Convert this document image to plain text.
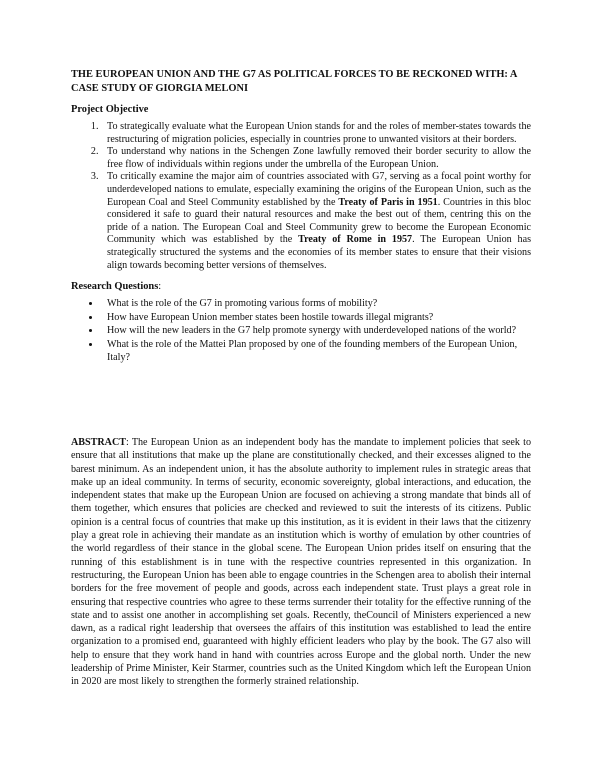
THE EUROPEAN UNION AND THE G7 AS POLITICAL FORCES TO BE RECKONED WITH: A CASE STUDY OF GIORGIA MELONI

Project Objective

1. To strategically evaluate what the European Union stands for and the roles of member-states towards the restructuring of migration policies, especially in countries prone to unwanted visitors at their borders.
2. To understand why nations in the Schengen Zone lawfully removed their border security to allow the free flow of individuals within regions under the umbrella of the European Union.
3. To critically examine the major aim of countries associated with G7, serving as a focal point worthy for underdeveloped nations to emulate, especially examining the origins of the European Union, such as the European Coal and Steel Community established by the Treaty of Paris in 1951. Countries in this bloc considered it safe to guard their natural resources and make the best out of them, centring this on the pride of a nation. The European Coal and Steel Community grew to become the European Economic Community which was established by the Treaty of Rome in 1957. The European Union has strategically structured the systems and the economies of its member states to ensure that their visions align towards becoming better versions of themselves.

Research Questions:

• What is the role of the G7 in promoting various forms of mobility?
• How have European Union member states been hostile towards illegal migrants?
• How will the new leaders in the G7 help promote synergy with underdeveloped nations of the world?
• What is the role of the Mattei Plan proposed by one of the founding members of the European Union, Italy?

ABSTRACT: The European Union as an independent body has the mandate to implement policies that seek to ensure that all institutions that make up the plane are constitutionally checked, and their excesses aligned to the barest minimum. As an independent union, it has the absolute authority to implement rules in strategic areas that make up an ideal community. In terms of security, economic sovereignty, global interactions, and education, the independent states that make up the European Union are focused on achieving a strong mandate that binds all of them together, which ensures that policies are checked and reviewed to suit the interests of its citizens. Public opinion is a central focus of countries that make up this institution, as it is evident in their laws that the citizenry play a great role in achieving their mandate as an institution which is worthy of emulation by other countries of the world regardless of their stance in the global scene. The European Union prides itself on ensuring that the running of this establishment is in tune with the respective countries represented in this organization. In restructuring, the European Union has been able to engage countries in the Schengen area to abolish their internal borders for the free movement of people and goods, across each independent state. Trust plays a great role in ensuring that respective countries who agree to these terms surrender their totality for the effective running of the state and to assist one another in accomplishing set goals. Recently, theCouncil of Ministers experienced a new dawn, as a radical right leadership that oversees the affairs of this institution was established to lead the entire organization to a promised end, guaranteed with highly efficient leaders who play by the book. The G7 also will help to ensure that they work hand in hand with countries across Europe and the global north. Under the new leadership of Prime Minister, Keir Starmer, countries such as the United Kingdom which left the European Union in 2020 are most likely to strengthen the formerly strained relationship.
